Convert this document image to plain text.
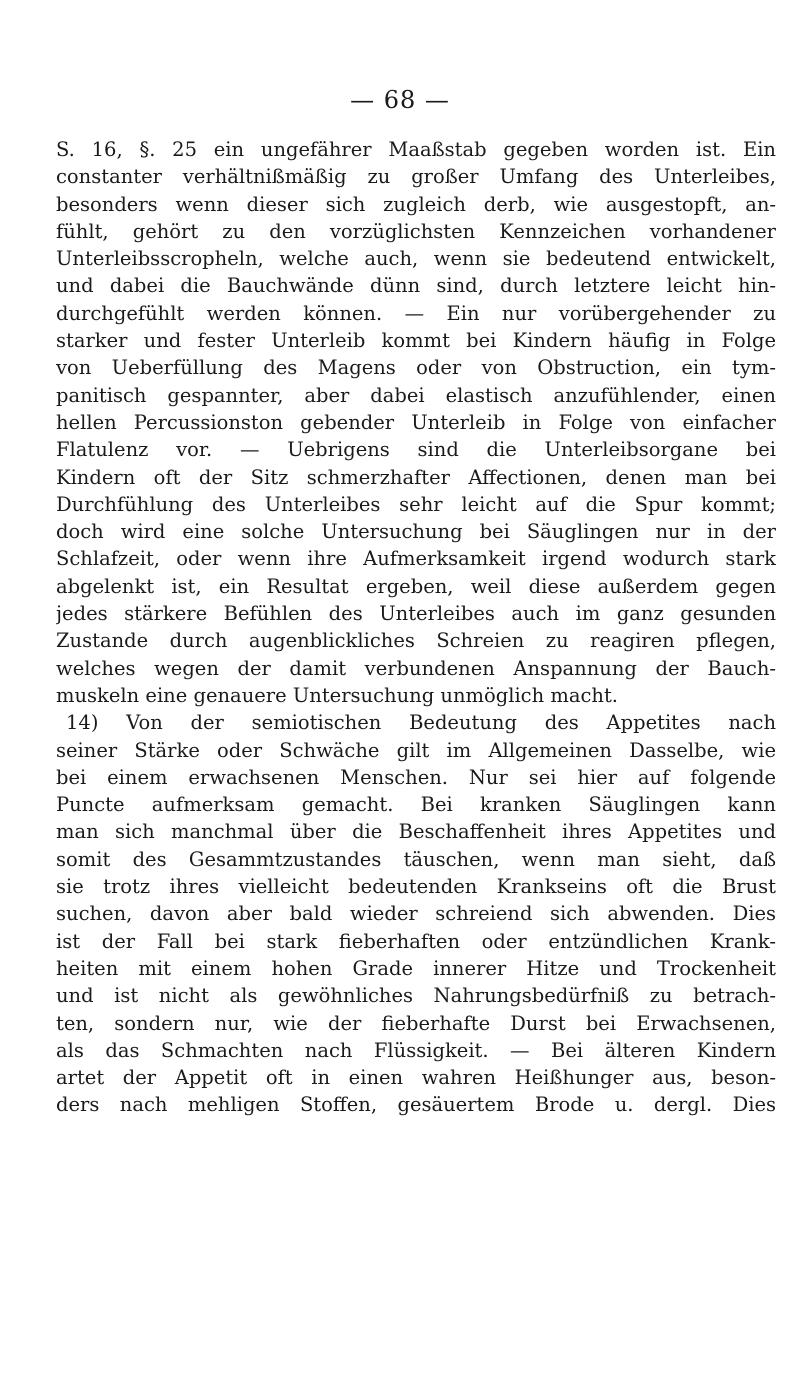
— 68 —
S. 16, §. 25 ein ungefährer Maaßstab gegeben worden ist. Ein
constanter verhältnißmäßig zu großer Umfang des Unterleibes,
besonders wenn dieser sich zugleich derb, wie ausgestopft, an-
fühlt, gehört zu den vorzüglichsten Kennzeichen vorhandener
Unterleibsscropheln, welche auch, wenn sie bedeutend entwickelt,
und dabei die Bauchwände dünn sind, durch letztere leicht hin-
durchgefühlt werden können. — Ein nur vorübergehender zu
starker und fester Unterleib kommt bei Kindern häufig in Folge
von Ueberfüllung des Magens oder von Obstruction, ein tym-
panitisch gespannter, aber dabei elastisch anzufühlender, einen
hellen Percussionston gebender Unterleib in Folge von einfacher
Flatulenz vor. — Uebrigens sind die Unterleibsorgane bei
Kindern oft der Sitz schmerzhafter Affectionen, denen man bei
Durchfühlung des Unterleibes sehr leicht auf die Spur kommt;
doch wird eine solche Untersuchung bei Säuglingen nur in der
Schlafzeit, oder wenn ihre Aufmerksamkeit irgend wodurch stark
abgelenkt ist, ein Resultat ergeben, weil diese außerdem gegen
jedes stärkere Befühlen des Unterleibes auch im ganz gesunden
Zustande durch augenblickliches Schreien zu reagiren pflegen,
welches wegen der damit verbundenen Anspannung der Bauch-
muskeln eine genauere Untersuchung unmöglich macht.
14) Von der semiotischen Bedeutung des Appetites nach
seiner Stärke oder Schwäche gilt im Allgemeinen Dasselbe, wie
bei einem erwachsenen Menschen. Nur sei hier auf folgende
Puncte aufmerksam gemacht. Bei kranken Säuglingen kann
man sich manchmal über die Beschaffenheit ihres Appetites und
somit des Gesammtzustandes täuschen, wenn man sieht, daß
sie trotz ihres vielleicht bedeutenden Krankseins oft die Brust
suchen, davon aber bald wieder schreiend sich abwenden. Dies
ist der Fall bei stark fieberhaften oder entzündlichen Krank-
heiten mit einem hohen Grade innerer Hitze und Trockenheit
und ist nicht als gewöhnliches Nahrungsbedürfniß zu betrach-
ten, sondern nur, wie der fieberhafte Durst bei Erwachsenen,
als das Schmachten nach Flüssigkeit. — Bei älteren Kindern
artet der Appetit oft in einen wahren Heißhunger aus, beson-
ders nach mehligen Stoffen, gesäuertem Brode u. dergl. Dies
